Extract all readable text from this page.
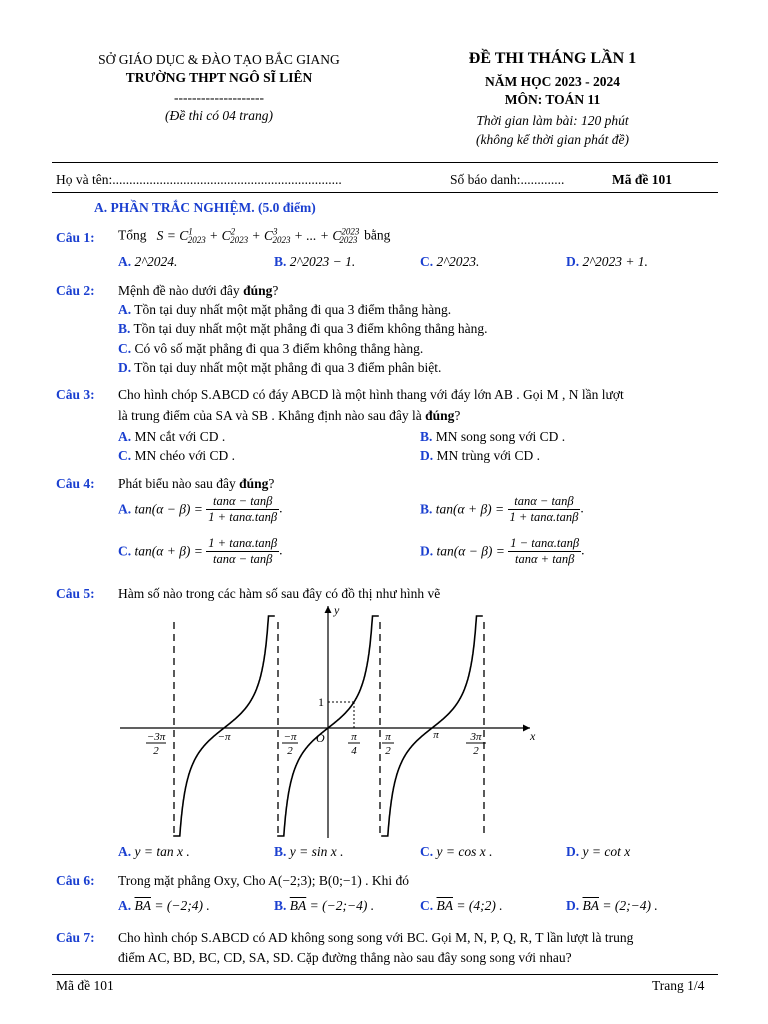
SỞ GIÁO DỤC & ĐÀO TẠO BẮC GIANG
TRƯỜNG THPT NGÔ SĨ LIÊN
--------------------
(Đề thi có 04 trang)
ĐỀ THI THÁNG LẦN 1
NĂM HỌC 2023 - 2024
MÔN: TOÁN 11
Thời gian làm bài: 120 phút
(không kể thời gian phát đề)
Họ và tên:....................................................................	Số báo danh:.............	Mã đề 101
A. PHẦN TRẮC NGHIỆM. (5.0 điểm)
Câu 1: Tổng $S = C^1_{2023} + C^2_{2023} + C^3_{2023}$ + ... + $C^{2023}_{2023}$ bằng
A. 2^2024.	B. 2^2023 − 1.	C. 2^2023.	D. 2^2023 + 1.
Câu 2: Mệnh đề nào dưới đây đúng?
A. Tồn tại duy nhất một mặt phẳng đi qua 3 điểm thẳng hàng.
B. Tồn tại duy nhất một mặt phẳng đi qua 3 điểm không thẳng hàng.
C. Có vô số mặt phẳng đi qua 3 điểm không thẳng hàng.
D. Tồn tại duy nhất một mặt phẳng đi qua 3 điểm phân biệt.
Câu 3: Cho hình chóp S.ABCD có đáy ABCD là một hình thang với đáy lớn AB . Gọi M , N lần lượt
là trung điểm của SA và SB . Khẳng định nào sau đây là đúng?
A. MN cắt với CD .	B. MN song song với CD .
C. MN chéo với CD .	D. MN trùng với CD .
Câu 4: Phát biểu nào sau đây đúng?
A. $\tan(\alpha - \beta) = \frac{\tan\alpha - \tan\beta}{1 + \tan\alpha.\tan\beta}$ .	B. $\tan(\alpha + \beta) = \frac{\tan\alpha - \tan\beta}{1 + \tan\alpha.\tan\beta}$ .
C. $\tan(\alpha + \beta) = \frac{1 + \tan\alpha.\tan\beta}{\tan\alpha - \tan\beta}$ .	D. $\tan(\alpha - \beta) = \frac{1 - \tan\alpha.\tan\beta}{\tan\alpha + \tan\beta}$ .
Câu 5: Hàm số nào trong các hàm số sau đây có đồ thị như hình vẽ
y
x
O
1
−3π
2
−π	−π
2
π
4
π
2
π	3π
2
A. y = tan x .	B. y = sin x .	C. y = cos x .	D. y = cot x
Câu 6: Trong mặt phẳng Oxy, Cho A(−2;3); B(0;−1) . Khi đó
A. $\overline{BA}$ = (−2;4) .	B. $\overline{BA}$ = (−2;−4) .	C. $\overline{BA}$ = (4;2) .	D. $\overline{BA}$ = (2;−4) .
Câu 7: Cho hình chóp S.ABCD có AD không song song với BC. Gọi M, N, P, Q, R, T lần lượt là trung
điểm AC, BD, BC, CD, SA, SD. Cặp đường thẳng nào sau đây song song với nhau?
Mã đề 101	Trang 1/4
